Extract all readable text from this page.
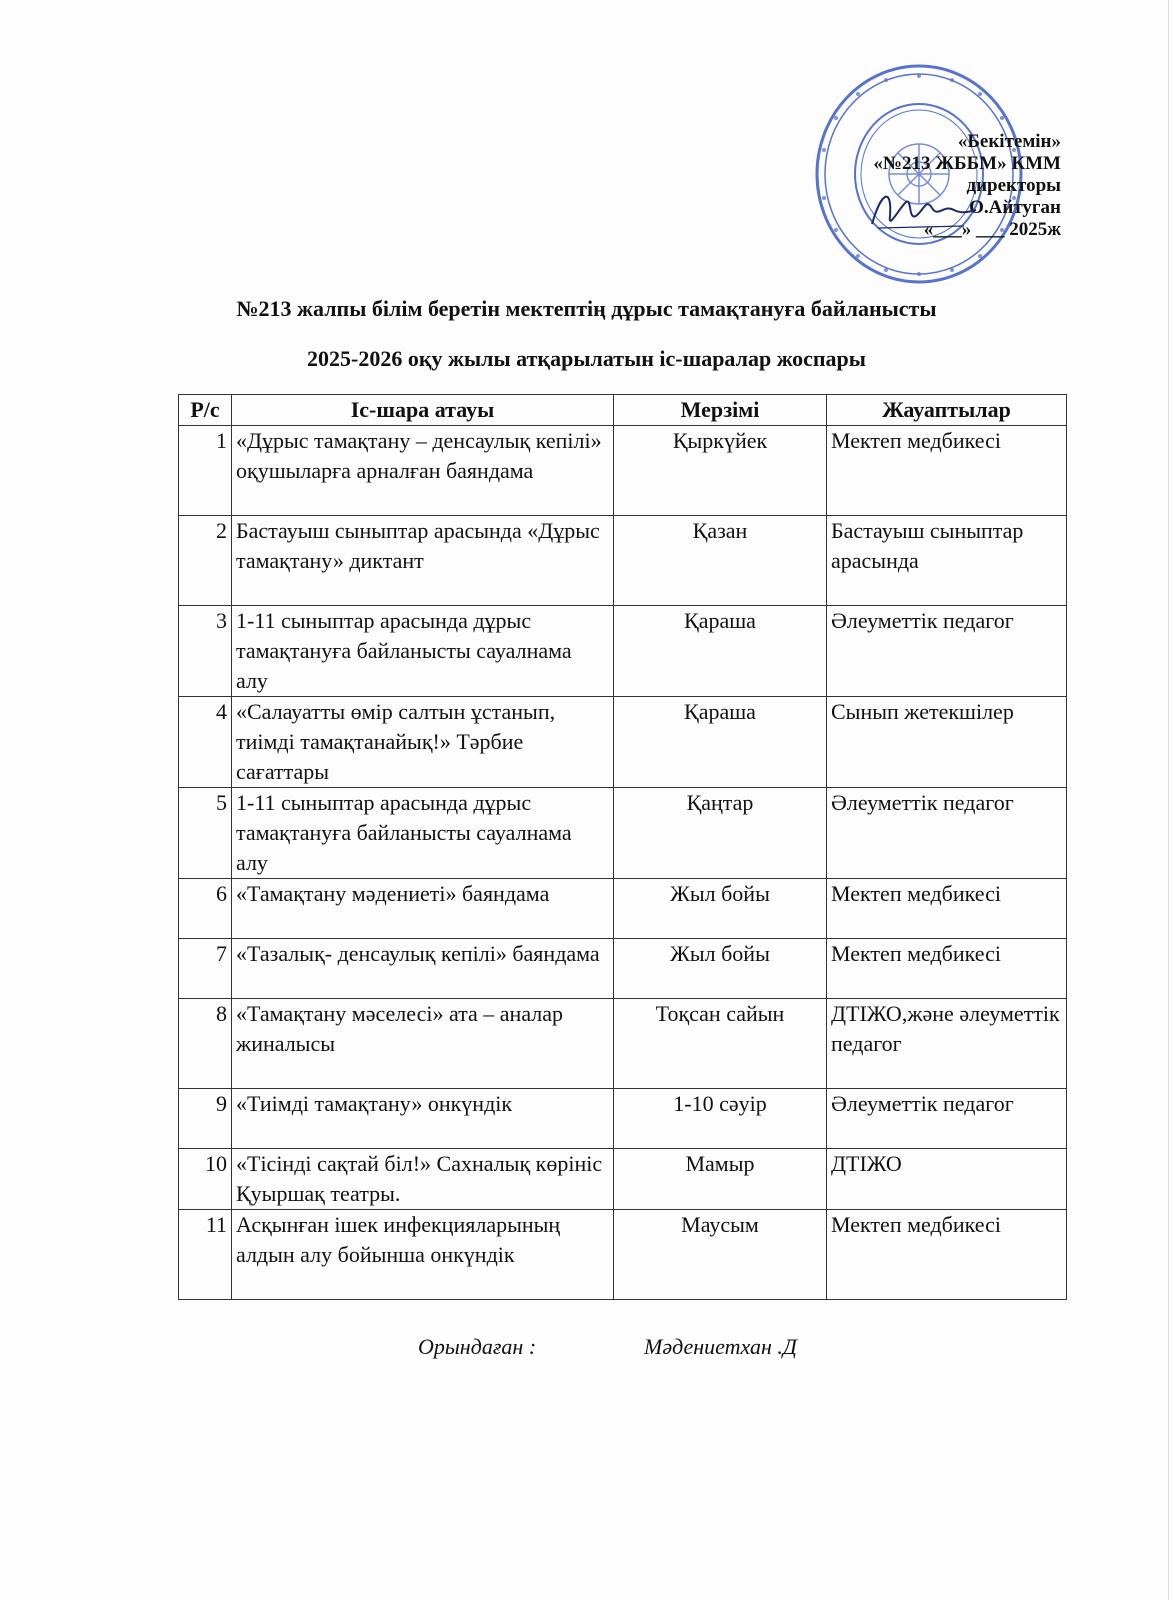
«Бекітемін»
«№213 ЖББМ» КММ
директоры
О.Айтуган
«___» ___ 2025ж
№213 жалпы білім беретін мектептің дұрыс тамақтануға байланысты
2025-2026 оқу жылы атқарылатын іс-шаралар жоспары
Р/с	Іс-шара атауы	Мерзімі	Жауаптылар
1	«Дұрыс тамақтану – денсаулық кепілі» оқушыларға арналған баяндама	Қыркүйек	Мектеп медбикесі
2	Бастауыш сыныптар арасында «Дұрыс тамақтану» диктант	Қазан	Бастауыш сыныптар арасында
3	1-11 сыныптар арасында дұрыс тамақтануға байланысты сауалнама алу	Қараша	Әлеуметтік педагог
4	«Салауатты өмір салтын ұстанып, тиімді тамақтанайық!» Тәрбие сағаттары	Қараша	Сынып жетекшілер
5	1-11 сыныптар арасында дұрыс тамақтануға байланысты сауалнама алу	Қаңтар	Әлеуметтік педагог
6	«Тамақтану мәдениеті» баяндама	Жыл бойы	Мектеп медбикесі
7	«Тазалық- денсаулық кепілі» баяндама	Жыл бойы	Мектеп медбикесі
8	«Тамақтану мәселесі» ата – аналар жиналысы	Тоқсан сайын	ДТІЖО,және әлеуметтік педагог
9	«Тиімді тамақтану» онкүндік	1-10 сәуір	Әлеуметтік педагог
10	«Тісінді сақтай біл!» Сахналық көрініс Қуыршақ театры.	Мамыр	ДТІЖО
11	Асқынған ішек инфекцияларының алдын алу бойынша онкүндік	Маусым	Мектеп медбикесі
Орындаған :	Мәдениетхан .Д
